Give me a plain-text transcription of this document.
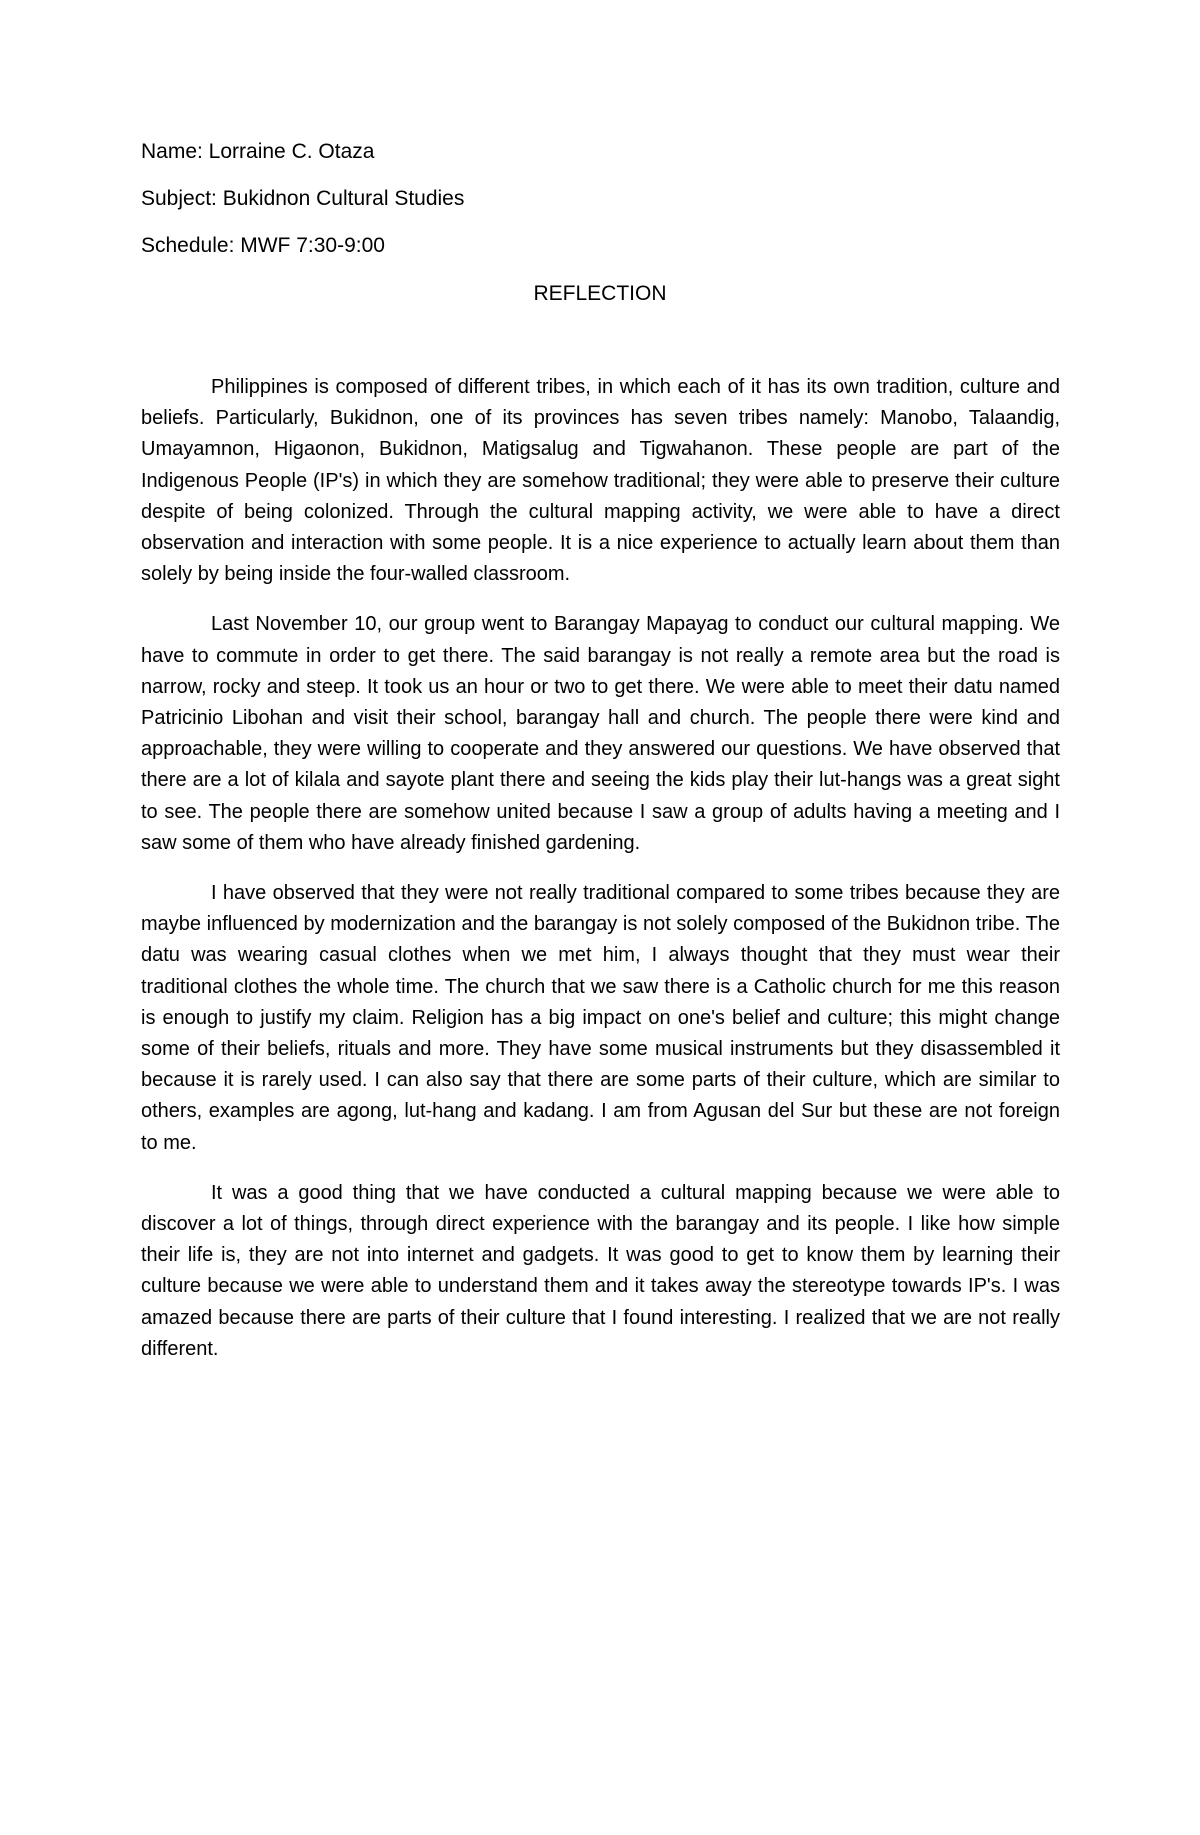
Name: Lorraine C. Otaza
Subject: Bukidnon Cultural Studies
Schedule: MWF 7:30-9:00
REFLECTION

Philippines is composed of different tribes, in which each of it has its own tradition, culture and beliefs. Particularly, Bukidnon, one of its provinces has seven tribes namely: Manobo, Talaandig, Umayamnon, Higaonon, Bukidnon, Matigsalug and Tigwahanon. These people are part of the Indigenous People (IP's) in which they are somehow traditional; they were able to preserve their culture despite of being colonized. Through the cultural mapping activity, we were able to have a direct observation and interaction with some people. It is a nice experience to actually learn about them than solely by being inside the four-walled classroom.

Last November 10, our group went to Barangay Mapayag to conduct our cultural mapping. We have to commute in order to get there. The said barangay is not really a remote area but the road is narrow, rocky and steep. It took us an hour or two to get there. We were able to meet their datu named Patricinio Libohan and visit their school, barangay hall and church. The people there were kind and approachable, they were willing to cooperate and they answered our questions. We have observed that there are a lot of kilala and sayote plant there and seeing the kids play their lut-hangs was a great sight to see. The people there are somehow united because I saw a group of adults having a meeting and I saw some of them who have already finished gardening.

I have observed that they were not really traditional compared to some tribes because they are maybe influenced by modernization and the barangay is not solely composed of the Bukidnon tribe. The datu was wearing casual clothes when we met him, I always thought that they must wear their traditional clothes the whole time. The church that we saw there is a Catholic church for me this reason is enough to justify my claim. Religion has a big impact on one's belief and culture; this might change some of their beliefs, rituals and more. They have some musical instruments but they disassembled it because it is rarely used. I can also say that there are some parts of their culture, which are similar to others, examples are agong, lut-hang and kadang. I am from Agusan del Sur but these are not foreign to me.

It was a good thing that we have conducted a cultural mapping because we were able to discover a lot of things, through direct experience with the barangay and its people. I like how simple their life is, they are not into internet and gadgets. It was good to get to know them by learning their culture because we were able to understand them and it takes away the stereotype towards IP's. I was amazed because there are parts of their culture that I found interesting. I realized that we are not really different.
